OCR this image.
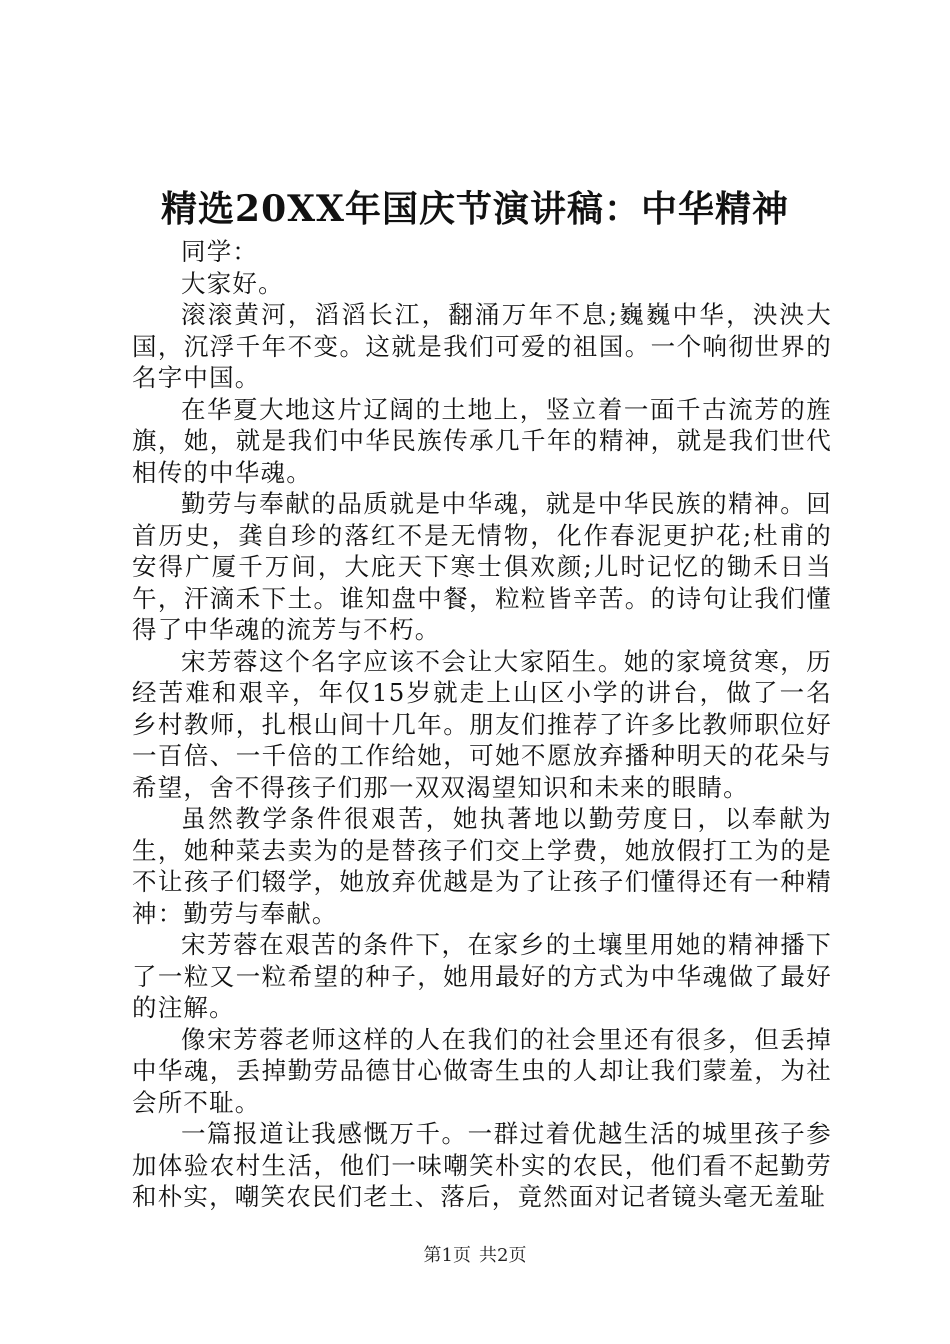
精选20XX年国庆节演讲稿：中华精神

同学：

大家好。

滚滚黄河，滔滔长江，翻涌万年不息;巍巍中华，泱泱大国，沉浮千年不变。这就是我们可爱的祖国。一个响彻世界的名字中国。

在华夏大地这片辽阔的土地上，竖立着一面千古流芳的旌旗，她，就是我们中华民族传承几千年的精神，就是我们世代相传的中华魂。

勤劳与奉献的品质就是中华魂，就是中华民族的精神。回首历史，龚自珍的落红不是无情物，化作春泥更护花;杜甫的安得广厦千万间，大庇天下寒士俱欢颜;儿时记忆的锄禾日当午，汗滴禾下土。谁知盘中餐，粒粒皆辛苦。的诗句让我们懂得了中华魂的流芳与不朽。

宋芳蓉这个名字应该不会让大家陌生。她的家境贫寒，历经苦难和艰辛，年仅15岁就走上山区小学的讲台，做了一名乡村教师，扎根山间十几年。朋友们推荐了许多比教师职位好一百倍、一千倍的工作给她，可她不愿放弃播种明天的花朵与希望，舍不得孩子们那一双双渴望知识和未来的眼睛。

虽然教学条件很艰苦，她执著地以勤劳度日，以奉献为生，她种菜去卖为的是替孩子们交上学费，她放假打工为的是不让孩子们辍学，她放弃优越是为了让孩子们懂得还有一种精神：勤劳与奉献。

宋芳蓉在艰苦的条件下，在家乡的土壤里用她的精神播下了一粒又一粒希望的种子，她用最好的方式为中华魂做了最好的注解。

像宋芳蓉老师这样的人在我们的社会里还有很多，但丢掉中华魂，丢掉勤劳品德甘心做寄生虫的人却让我们蒙羞，为社会所不耻。

一篇报道让我感慨万千。一群过着优越生活的城里孩子参加体验农村生活，他们一味嘲笑朴实的农民，他们看不起勤劳和朴实，嘲笑农民们老土、落后，竟然面对记者镜头毫无羞耻

第1页 共2页
